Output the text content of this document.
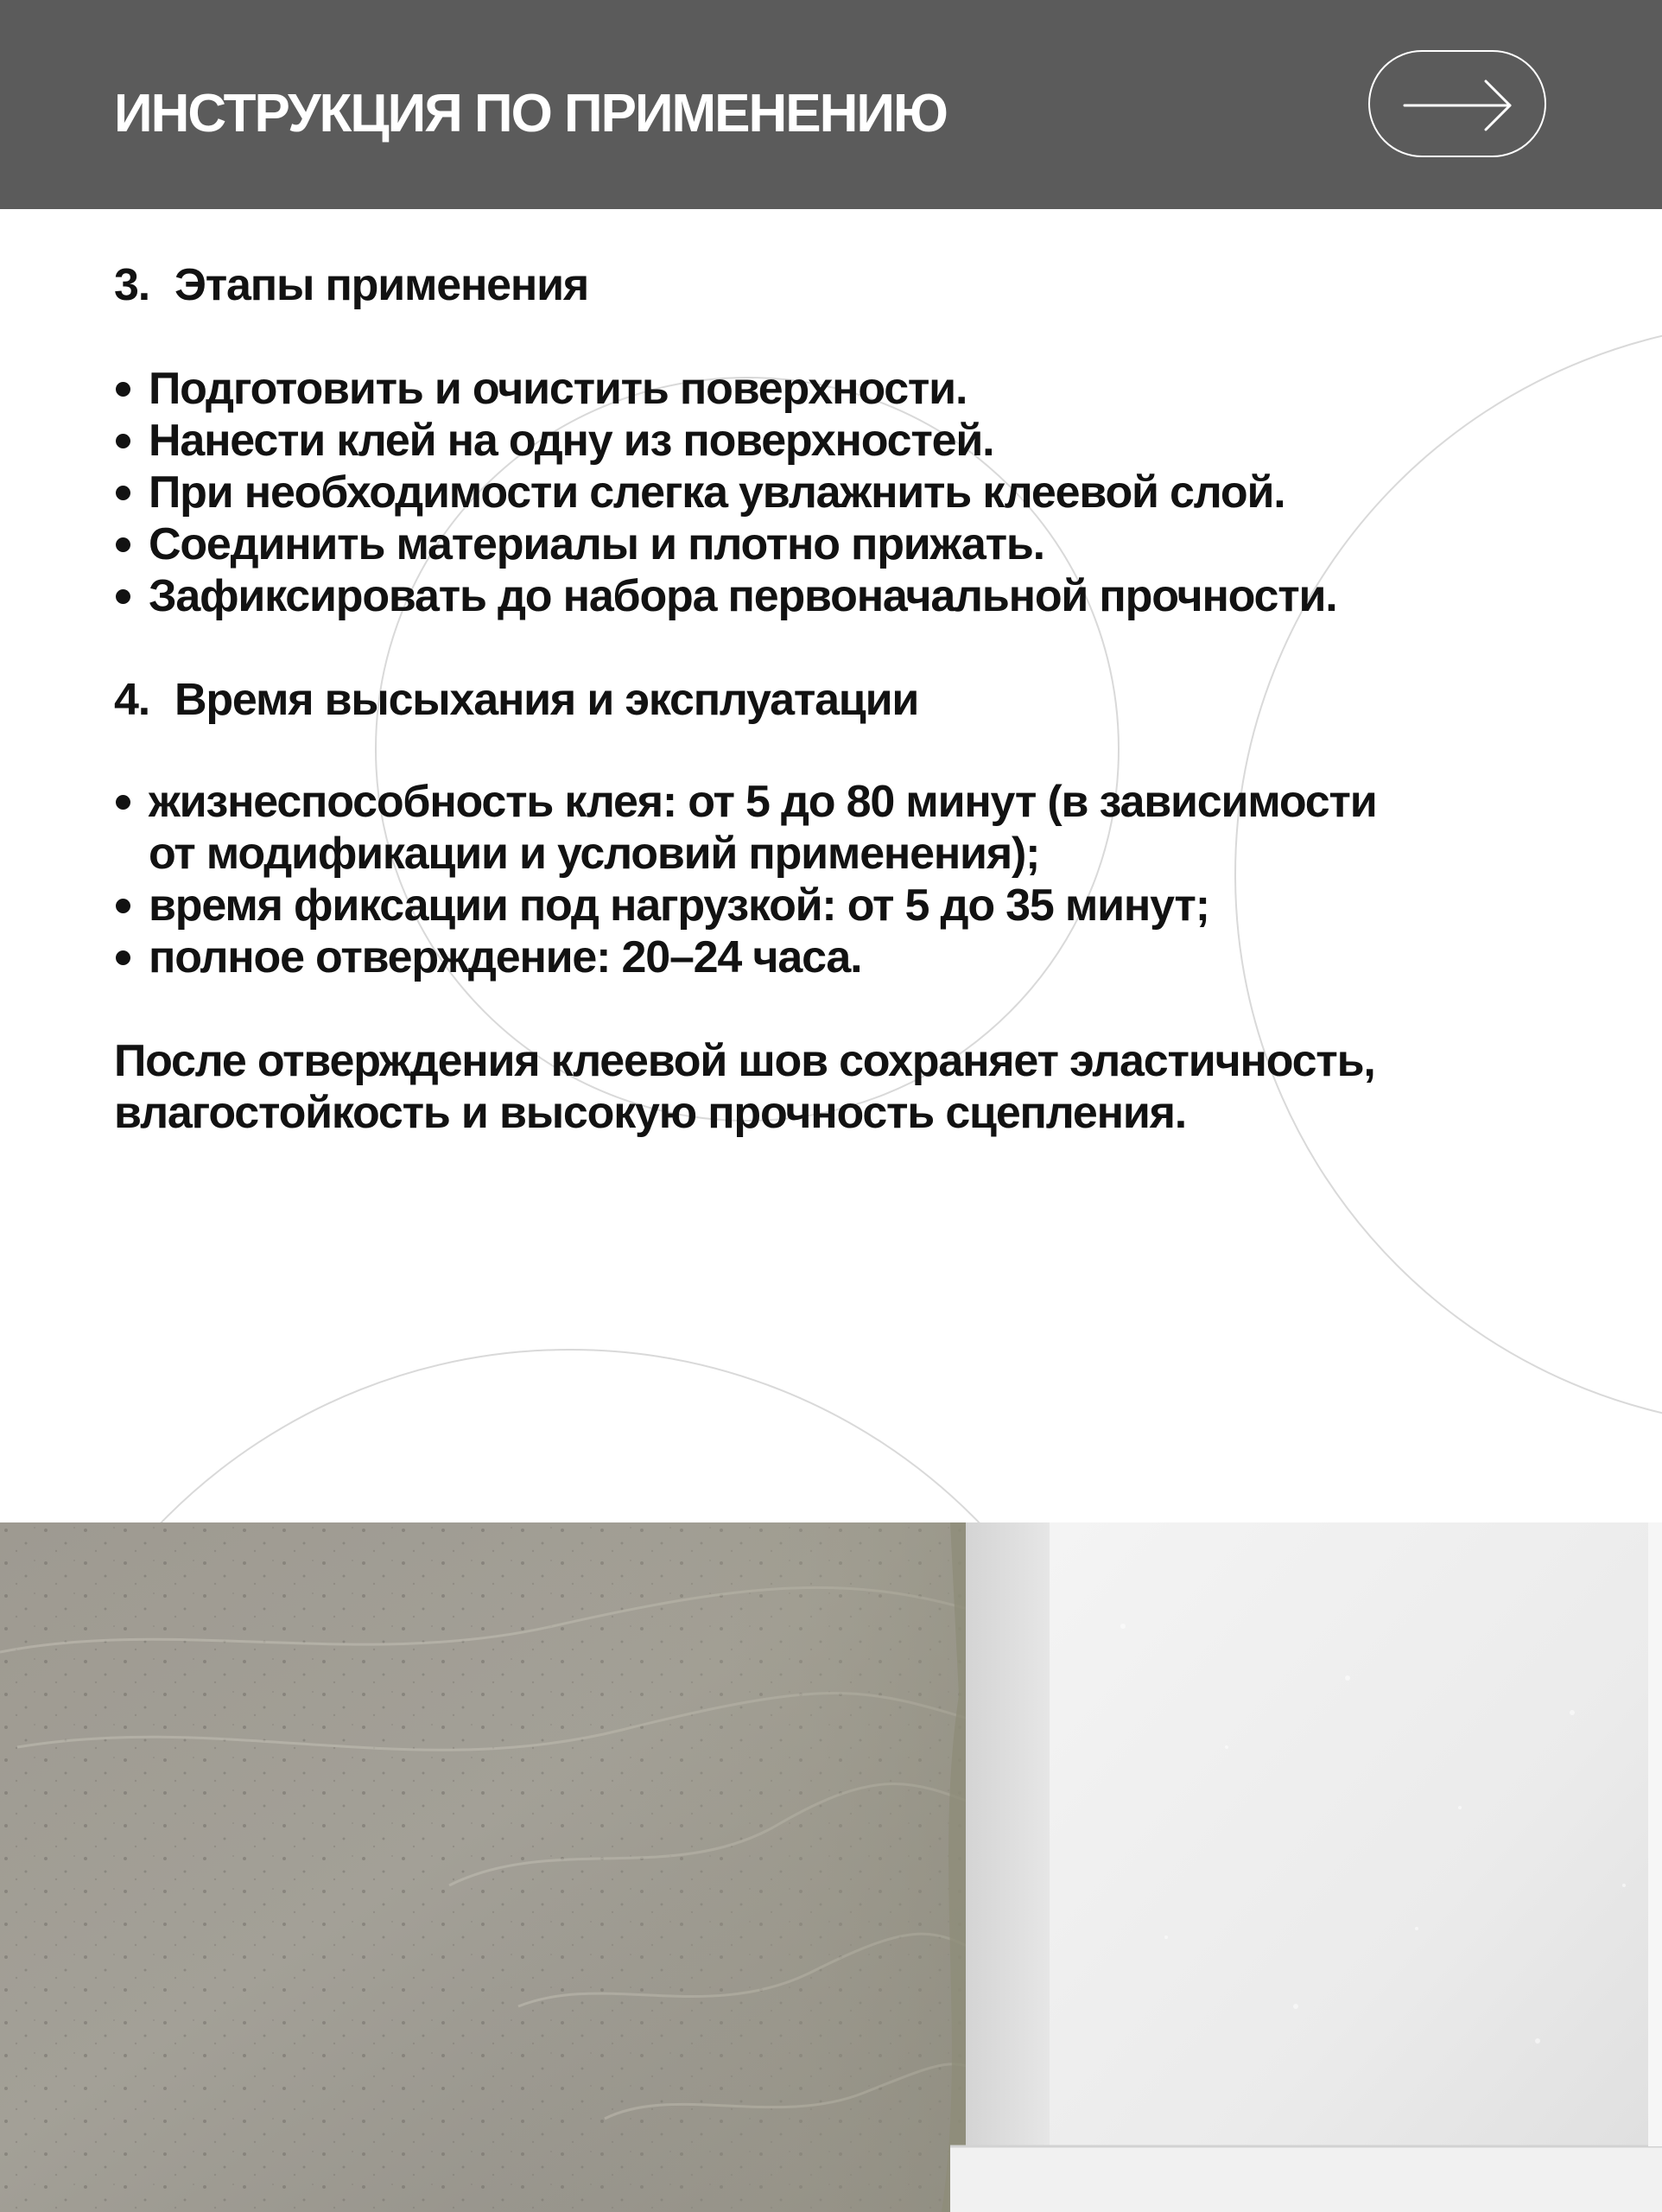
ИНСТРУКЦИЯ ПО ПРИМЕНЕНИЮ
3. Этапы применения
Подготовить и очистить поверхности.
Нанести клей на одну из поверхностей.
При необходимости слегка увлажнить клеевой слой.
Соединить материалы и плотно прижать.
Зафиксировать до набора первоначальной прочности.
4. Время высыхания и эксплуатации
жизнеспособность клея: от 5 до 80 минут (в зависимости
от модификации и условий применения);
время фиксации под нагрузкой: от 5 до 35 минут;
полное отверждение: 20–24 часа.

После отверждения клеевой шов сохраняет эластичность,
влагостойкость и высокую прочность сцепления.
